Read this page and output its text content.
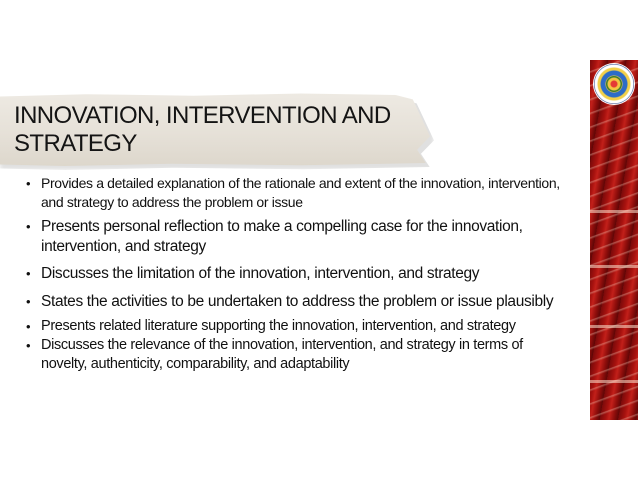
INNOVATION, INTERVENTION AND
STRATEGY
• Provides a detailed explanation of the rationale and extent of the innovation, intervention, and strategy to address the problem or issue
• Presents personal reflection to make a compelling case for the innovation, intervention, and strategy
• Discusses the limitation of the innovation, intervention, and strategy
• States the activities to be undertaken to address the problem or issue plausibly
• Presents related literature supporting the innovation, intervention, and strategy
• Discusses the relevance of the innovation, intervention, and strategy in terms of novelty, authenticity, comparability, and adaptability
